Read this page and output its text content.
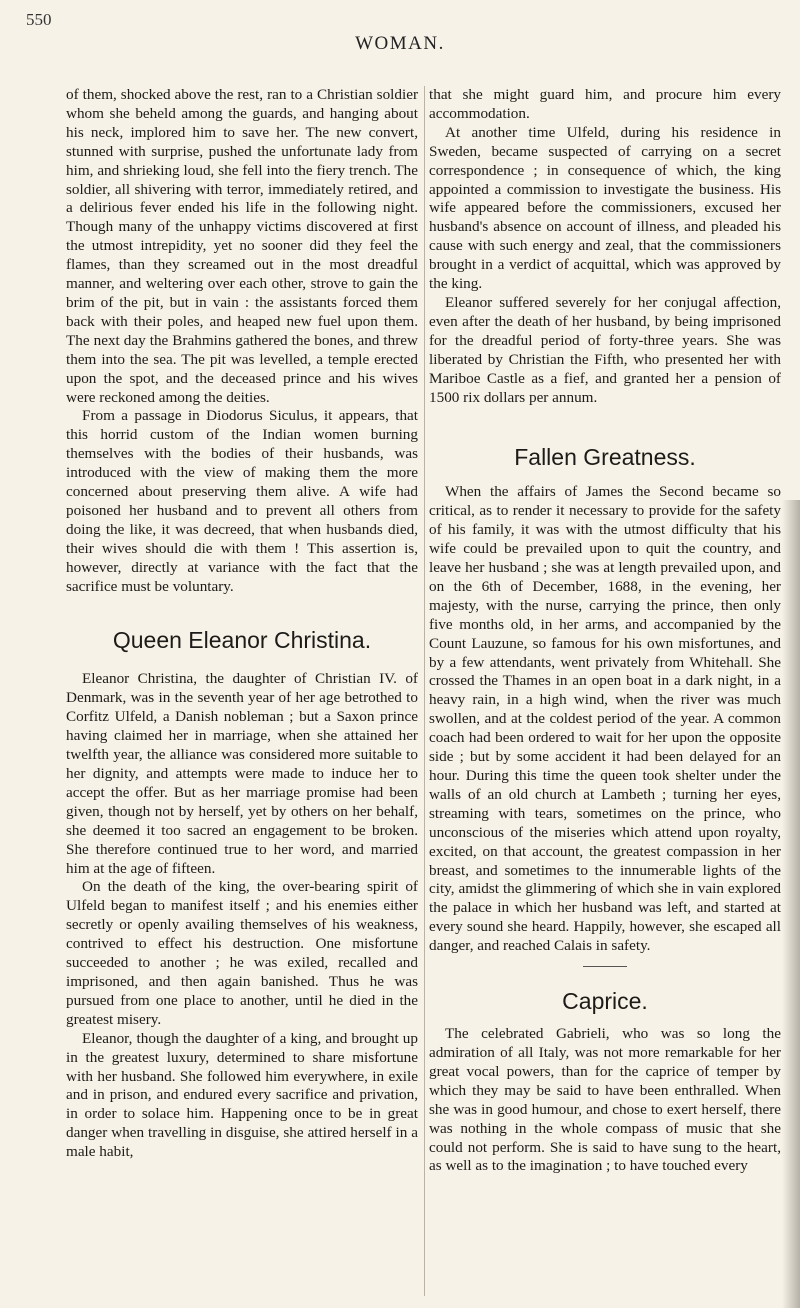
550
WOMAN.

of them, shocked above the rest, ran to a Christian soldier whom she beheld among the guards, and hanging about his neck, implored him to save her. The new convert, stunned with surprise, pushed the unfortunate lady from him, and shrieking loud, she fell into the fiery trench. The soldier, all shivering with terror, immediately retired, and a delirious fever ended his life in the following night. Though many of the unhappy victims discovered at first the utmost intrepidity, yet no sooner did they feel the flames, than they screamed out in the most dreadful manner, and weltering over each other, strove to gain the brim of the pit, but in vain : the assistants forced them back with their poles, and heaped new fuel upon them. The next day the Brahmins gathered the bones, and threw them into the sea. The pit was levelled, a temple erected upon the spot, and the deceased prince and his wives were reckoned among the deities.

From a passage in Diodorus Siculus, it appears, that this horrid custom of the Indian women burning themselves with the bodies of their husbands, was introduced with the view of making them the more concerned about preserving them alive. A wife had poisoned her husband and to prevent all others from doing the like, it was decreed, that when husbands died, their wives should die with them ! This assertion is, however, directly at variance with the fact that the sacrifice must be voluntary.

Queen Eleanor Christina.

Eleanor Christina, the daughter of Christian IV. of Denmark, was in the seventh year of her age betrothed to Corfitz Ulfeld, a Danish nobleman ; but a Saxon prince having claimed her in marriage, when she attained her twelfth year, the alliance was considered more suitable to her dignity, and attempts were made to induce her to accept the offer. But as her marriage promise had been given, though not by herself, yet by others on her behalf, she deemed it too sacred an engagement to be broken. She therefore continued true to her word, and married him at the age of fifteen.

On the death of the king, the over-bearing spirit of Ulfeld began to manifest itself ; and his enemies either secretly or openly availing themselves of his weakness, contrived to effect his destruction. One misfortune succeeded to another ; he was exiled, recalled and imprisoned, and then again banished. Thus he was pursued from one place to another, until he died in the greatest misery.

Eleanor, though the daughter of a king, and brought up in the greatest luxury, determined to share misfortune with her husband. She followed him everywhere, in exile and in prison, and endured every sacrifice and privation, in order to solace him. Happening once to be in great danger when travelling in disguise, she attired herself in a male habit,

that she might guard him, and procure him every accommodation.

At another time Ulfeld, during his residence in Sweden, became suspected of carrying on a secret correspondence ; in consequence of which, the king appointed a commission to investigate the business. His wife appeared before the commissioners, excused her husband's absence on account of illness, and pleaded his cause with such energy and zeal, that the commissioners brought in a verdict of acquittal, which was approved by the king.

Eleanor suffered severely for her conjugal affection, even after the death of her husband, by being imprisoned for the dreadful period of forty-three years. She was liberated by Christian the Fifth, who presented her with Mariboe Castle as a fief, and granted her a pension of 1500 rix dollars per annum.

Fallen Greatness.

When the affairs of James the Second became so critical, as to render it necessary to provide for the safety of his family, it was with the utmost difficulty that his wife could be prevailed upon to quit the country, and leave her husband ; she was at length prevailed upon, and on the 6th of December, 1688, in the evening, her majesty, with the nurse, carrying the prince, then only five months old, in her arms, and accompanied by the Count Lauzune, so famous for his own misfortunes, and by a few attendants, went privately from Whitehall. She crossed the Thames in an open boat in a dark night, in a heavy rain, in a high wind, when the river was much swollen, and at the coldest period of the year. A common coach had been ordered to wait for her upon the opposite side ; but by some accident it had been delayed for an hour. During this time the queen took shelter under the walls of an old church at Lambeth ; turning her eyes, streaming with tears, sometimes on the prince, who unconscious of the miseries which attend upon royalty, excited, on that account, the greatest compassion in her breast, and sometimes to the innumerable lights of the city, amidst the glimmering of which she in vain explored the palace in which her husband was left, and started at every sound she heard. Happily, however, she escaped all danger, and reached Calais in safety.

Caprice.

The celebrated Gabrieli, who was so long the admiration of all Italy, was not more remarkable for her great vocal powers, than for the caprice of temper by which they may be said to have been enthralled. When she was in good humour, and chose to exert herself, there was nothing in the whole compass of music that she could not perform. She is said to have sung to the heart, as well as to the imagination ; to have touched every
